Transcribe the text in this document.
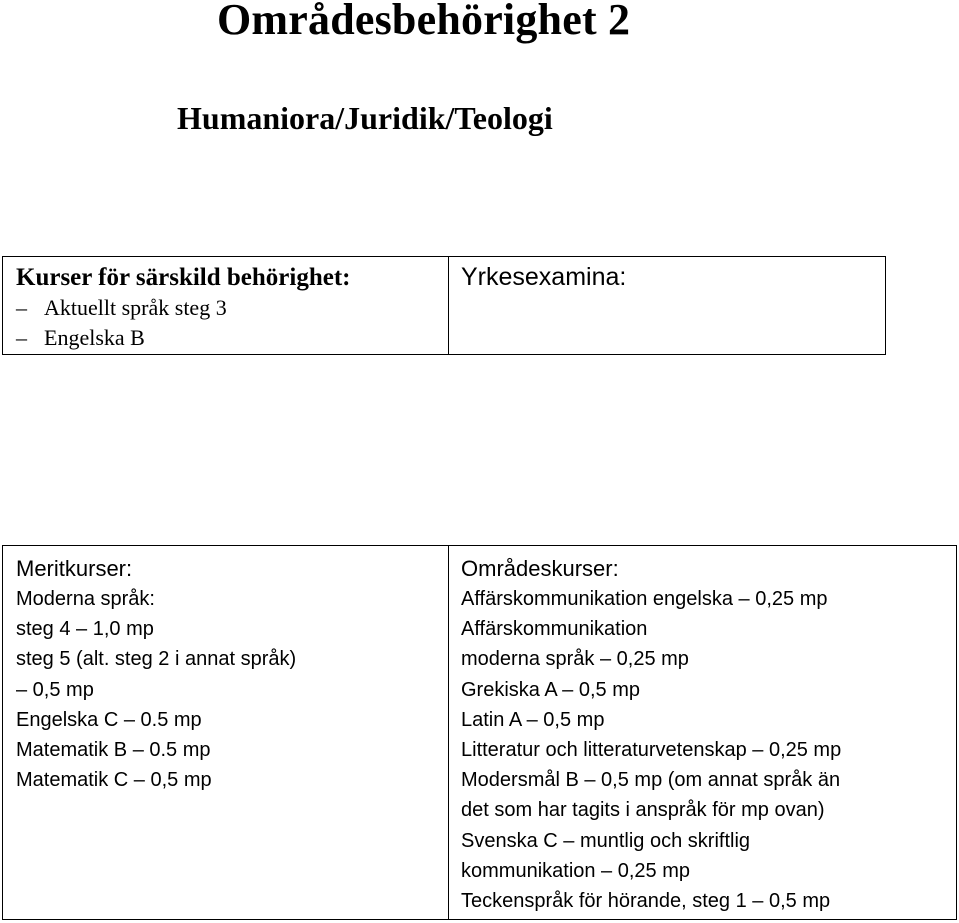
Områdesbehörighet 2
Humaniora/Juridik/Teologi
Kurser för särskild behörighet:
– Aktuellt språk steg 3
– Engelska B
Yrkesexamina:
Meritkurser:
Moderna språk:
steg 4 – 1,0 mp
steg 5 (alt. steg 2 i annat språk)
– 0,5 mp
Engelska C – 0.5 mp
Matematik B – 0.5 mp
Matematik C – 0,5 mp
Områdeskurser:
Affärskommunikation engelska – 0,25 mp
Affärskommunikation
moderna språk – 0,25 mp
Grekiska A – 0,5 mp
Latin A – 0,5 mp
Litteratur och litteraturvetenskap – 0,25 mp
Modersmål B – 0,5 mp (om annat språk än
det som har tagits i anspråk för mp ovan)
Svenska C – muntlig och skriftlig
kommunikation – 0,25 mp
Teckenspråk för hörande, steg 1 – 0,5 mp
